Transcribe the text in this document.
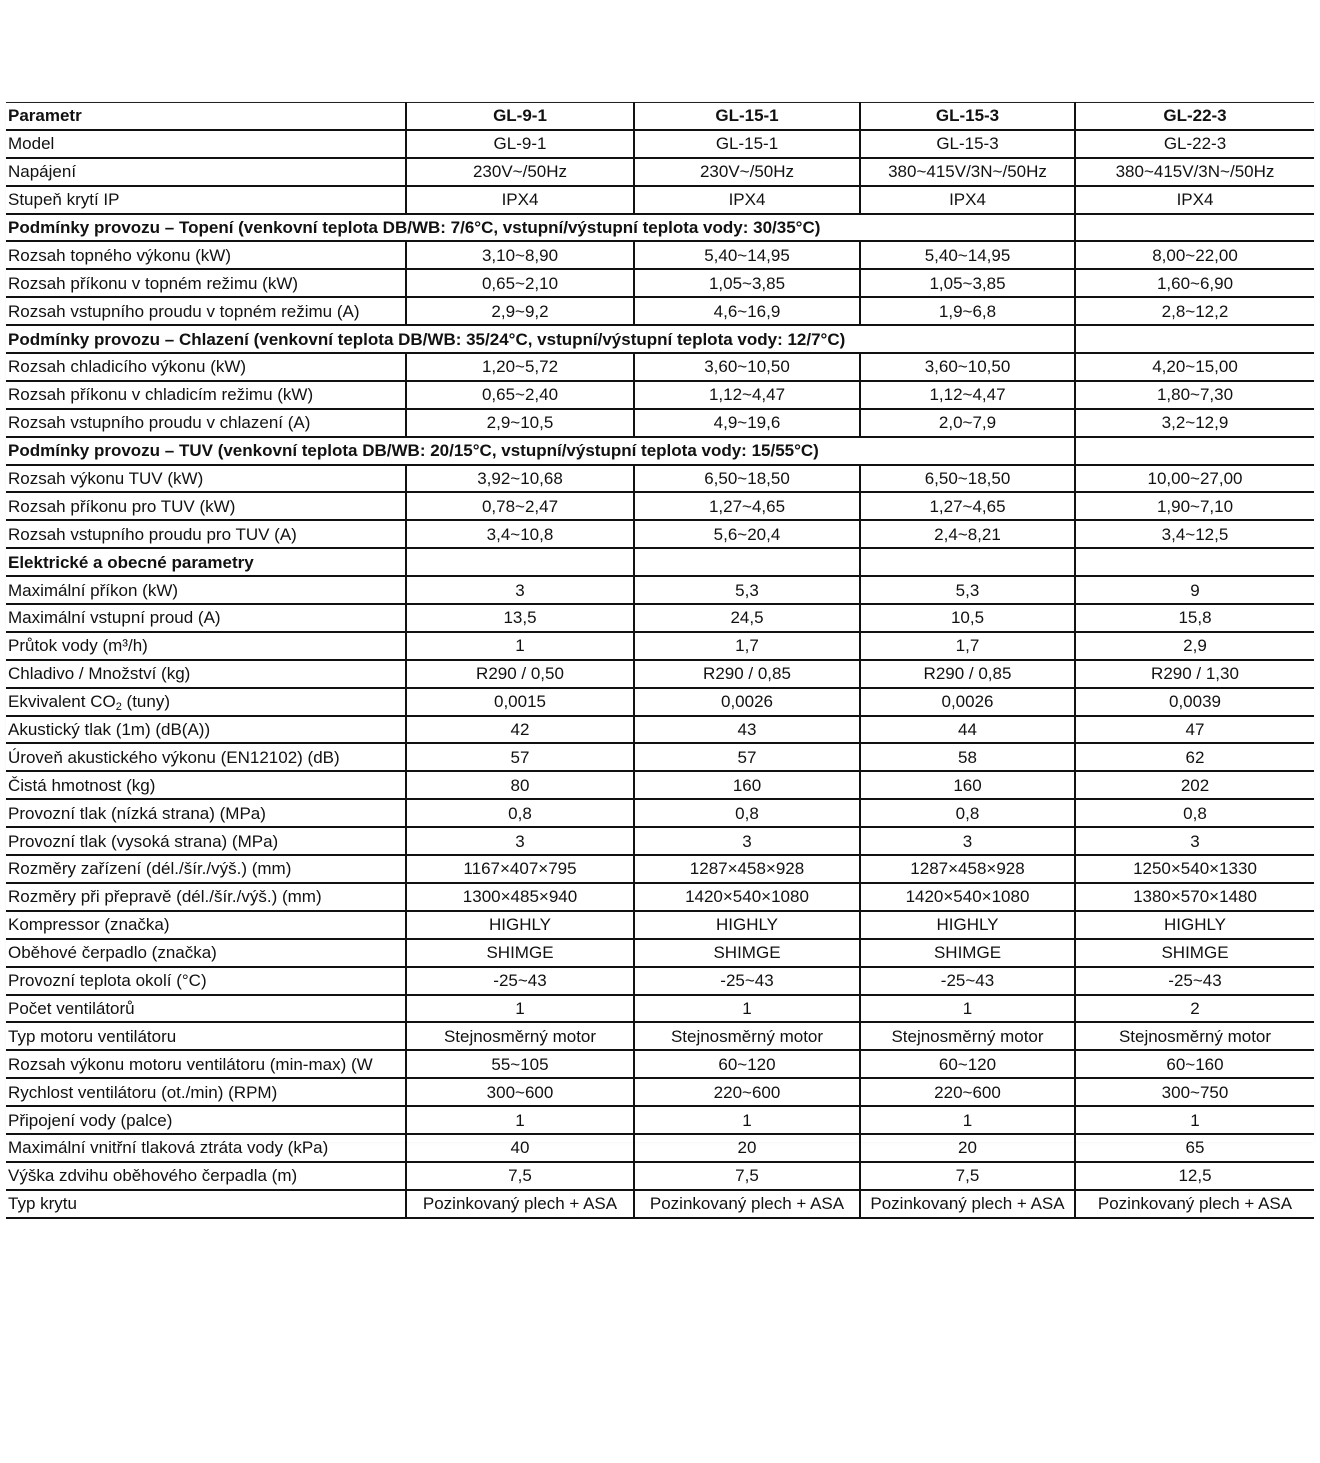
Parametr	GL-9-1	GL-15-1	GL-15-3	GL-22-3
Model	GL-9-1	GL-15-1	GL-15-3	GL-22-3
Napájení	230V~/50Hz	230V~/50Hz	380~415V/3N~/50Hz	380~415V/3N~/50Hz
Stupeň krytí IP	IPX4	IPX4	IPX4	IPX4
Podmínky provozu – Topení (venkovní teplota DB/WB: 7/6°C, vstupní/výstupní teplota vody: 30/35°C)				
Rozsah topného výkonu (kW)	3,10~8,90	5,40~14,95	5,40~14,95	8,00~22,00
Rozsah příkonu v topném režimu (kW)	0,65~2,10	1,05~3,85	1,05~3,85	1,60~6,90
Rozsah vstupního proudu v topném režimu (A)	2,9~9,2	4,6~16,9	1,9~6,8	2,8~12,2
Podmínky provozu – Chlazení (venkovní teplota DB/WB: 35/24°C, vstupní/výstupní teplota vody: 12/7°C)				
Rozsah chladicího výkonu (kW)	1,20~5,72	3,60~10,50	3,60~10,50	4,20~15,00
Rozsah příkonu v chladicím režimu (kW)	0,65~2,40	1,12~4,47	1,12~4,47	1,80~7,30
Rozsah vstupního proudu v chlazení (A)	2,9~10,5	4,9~19,6	2,0~7,9	3,2~12,9
Podmínky provozu – TUV (venkovní teplota DB/WB: 20/15°C, vstupní/výstupní teplota vody: 15/55°C)				
Rozsah výkonu TUV (kW)	3,92~10,68	6,50~18,50	6,50~18,50	10,00~27,00
Rozsah příkonu pro TUV (kW)	0,78~2,47	1,27~4,65	1,27~4,65	1,90~7,10
Rozsah vstupního proudu pro TUV (A)	3,4~10,8	5,6~20,4	2,4~8,21	3,4~12,5
Elektrické a obecné parametry				
Maximální příkon (kW)	3	5,3	5,3	9
Maximální vstupní proud (A)	13,5	24,5	10,5	15,8
Průtok vody (m³/h)	1	1,7	1,7	2,9
Chladivo / Množství (kg)	R290 / 0,50	R290 / 0,85	R290 / 0,85	R290 / 1,30
Ekvivalent $CO_2$ (tuny)	0,0015	0,0026	0,0026	0,0039
Akustický tlak (1m) (dB(A))	42	43	44	47
Úroveň akustického výkonu (EN12102) (dB)	57	57	58	62
Čistá hmotnost (kg)	80	160	160	202
Provozní tlak (nízká strana) (MPa)	0,8	0,8	0,8	0,8
Provozní tlak (vysoká strana) (MPa)	3	3	3	3
Rozměry zařízení (dél./šír./výš.) (mm)	1167×407×795	1287×458×928	1287×458×928	1250×540×1330
Rozměry při přepravě (dél./šír./výš.) (mm)	1300×485×940	1420×540×1080	1420×540×1080	1380×570×1480
Kompressor (značka)	HIGHLY	HIGHLY	HIGHLY	HIGHLY
Oběhové čerpadlo (značka)	SHIMGE	SHIMGE	SHIMGE	SHIMGE
Provozní teplota okolí (°C)	-25~43	-25~43	-25~43	-25~43
Počet ventilátorů	1	1	1	2
Typ motoru ventilátoru	Stejnosměrný motor	Stejnosměrný motor	Stejnosměrný motor	Stejnosměrný motor
Rozsah výkonu motoru ventilátoru (min-max) (W	55~105	60~120	60~120	60~160
Rychlost ventilátoru (ot./min) (RPM)	300~600	220~600	220~600	300~750
Připojení vody (palce)	1	1	1	1
Maximální vnitřní tlaková ztráta vody (kPa)	40	20	20	65
Výška zdvihu oběhového čerpadla (m)	7,5	7,5	7,5	12,5
Typ krytu	Pozinkovaný plech + ASA	Pozinkovaný plech + ASA	Pozinkovaný plech + ASA	Pozinkovaný plech + ASA
